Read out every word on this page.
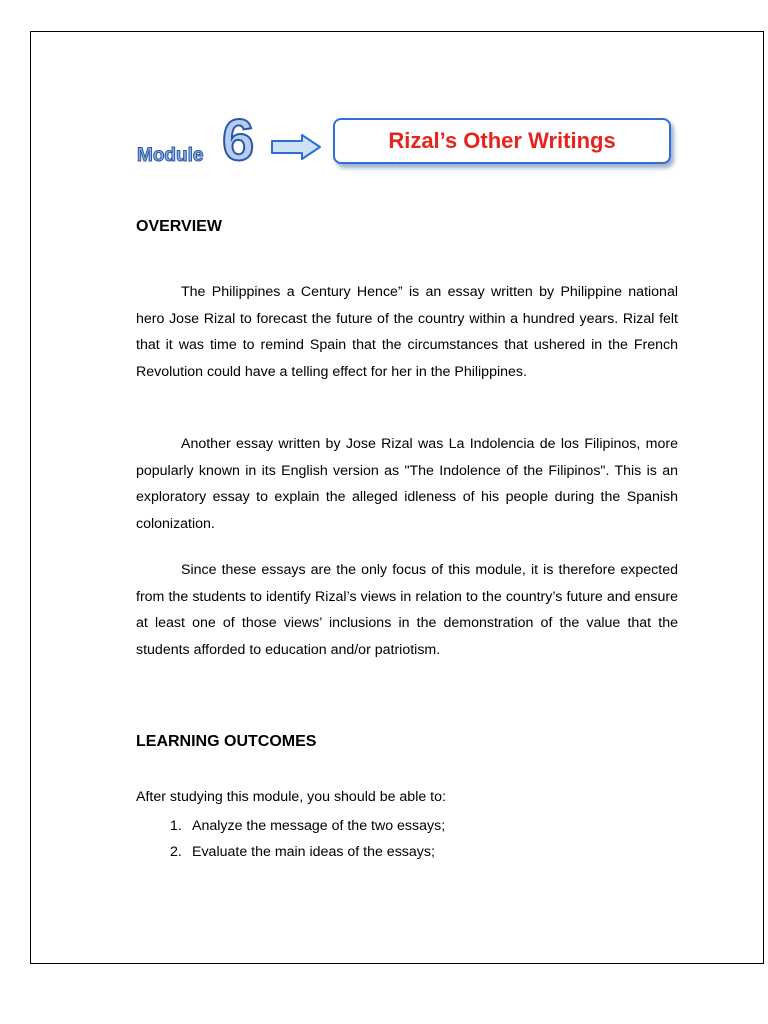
Module 6	Rizal’s Other Writings
OVERVIEW

The Philippines a Century Hence” is an essay written by Philippine national hero Jose Rizal to forecast the future of the country within a hundred years. Rizal felt that it was time to remind Spain that the circumstances that ushered in the French Revolution could have a telling effect for her in the Philippines.

Another essay written by Jose Rizal was La Indolencia de los Filipinos, more popularly known in its English version as "The Indolence of the Filipinos". This is an exploratory essay to explain the alleged idleness of his people during the Spanish colonization.

Since these essays are the only focus of this module, it is therefore expected from the students to identify Rizal’s views in relation to the country’s future and ensure at least one of those views’ inclusions in the demonstration of the value that the students afforded to education and/or patriotism.

LEARNING OUTCOMES

After studying this module, you should be able to:

1. Analyze the message of the two essays;
2. Evaluate the main ideas of the essays;
